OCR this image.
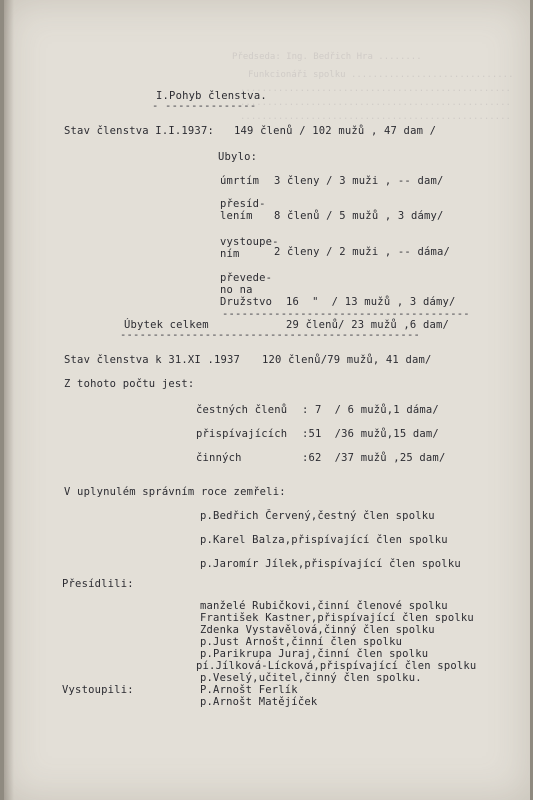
Předseda: Ing. Bedřich Hra ........
Funkcionáři spolku ..............................
..................................................
..................................................
..................................................
I.Pohyb členstva.
- --------------
Stav členstva I.I.1937: 149 členů / 102 mužů , 47 dam /
Ubylo:
úmrtím 3 členy / 3 muži , -- dam/
přesíd-
lením 8 členů / 5 mužů , 3 dámy/
vystoupe-
ním	2 členy / 2 muži , -- dáma/
převede-
no na
Družstvo 16  "  / 13 mužů , 3 dámy/
--------------------------------------
Úbytek celkem	29 členů/ 23 mužů ,6 dam/
----------------------------------------------
Stav členstva k 31.XI .1937 120 členů/79 mužů, 41 dam/
Z tohoto počtu jest:
čestných členů : 7  / 6 mužů,1 dáma/
přispívajících :51  /36 mužů,15 dam/
činných	:62  /37 mužů ,25 dam/
V uplynulém správním roce zemřeli:
p.Bedřich Červený,čestný člen spolku
p.Karel Balza,přispívající člen spolku
p.Jaromír Jílek,přispívající člen spolku
Přesídlili:
manželé Rubičkovi,činní členové spolku
František Kastner,přispívající člen spolku
Zdenka Vystavělová,činný člen spolku
p.Just Arnošt,činní člen spolku
p.Parikrupa Juraj,činní člen spolku
pí.Jílková-Lícková,přispívající člen spolku
p.Veselý,učitel,činný člen spolku.
Vystoupili:	P.Arnošt Ferlík
p.Arnošt Matějíček
